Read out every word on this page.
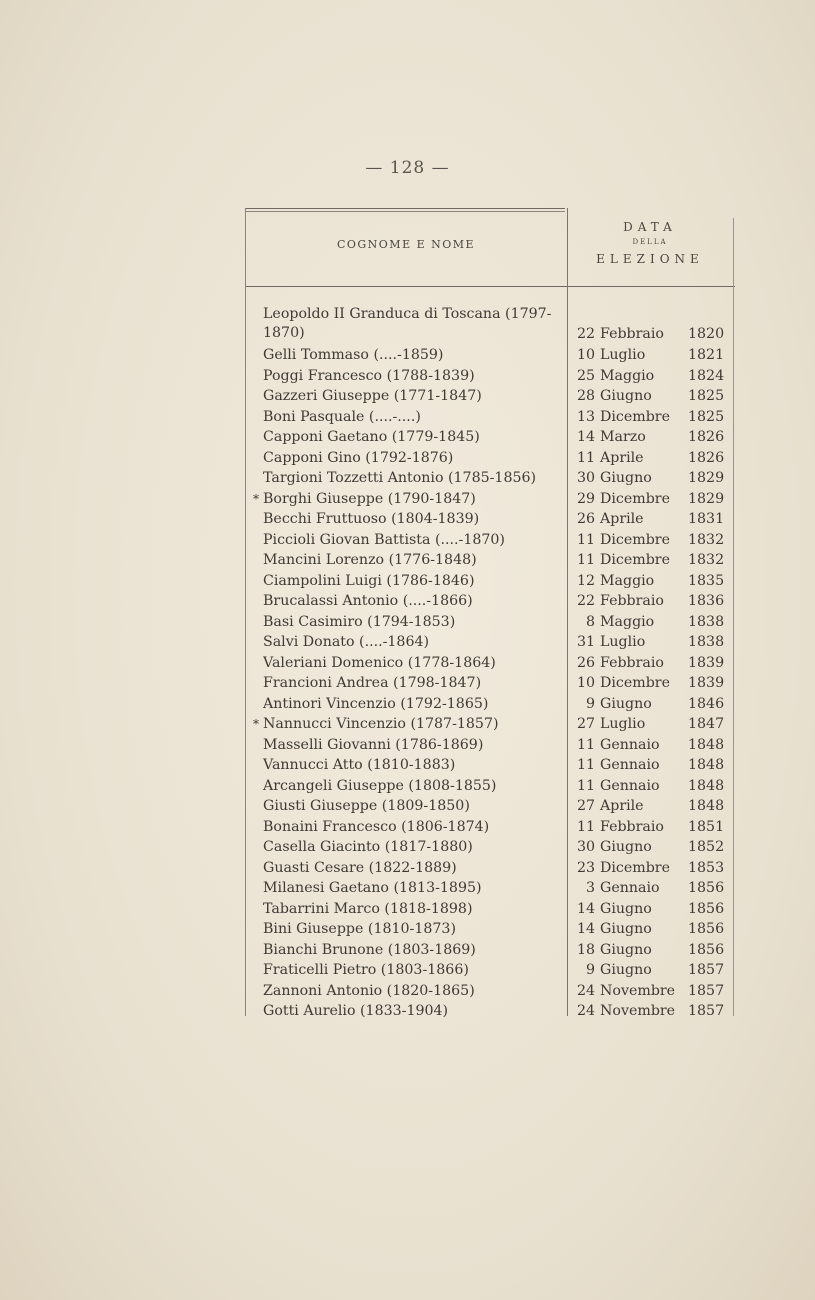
— 128 —
COGNOME E NOME
DATA
DELLA
ELEZIONE
Leopoldo II Granduca di Toscana (1797-1870)	22 Febbraio 1820
Gelli Tommaso (....-1859)	10 Luglio	1821
Poggi Francesco (1788-1839)	25 Maggio 1824
Gazzeri Giuseppe (1771-1847)	28 Giugno	1825
Boni Pasquale (....-....)	13 Dicembre 1825
Capponi Gaetano (1779-1845)	14 Marzo	1826
Capponi Gino (1792-1876)	11 Aprile	1826
Targioni Tozzetti Antonio (1785-1856)	30 Giugno	1829
* Borghi Giuseppe (1790-1847)	29 Dicembre 1829
Becchi Fruttuoso (1804-1839)	26 Aprile	1831
Piccioli Giovan Battista (....-1870)	11 Dicembre 1832
Mancini Lorenzo (1776-1848)	11 Dicembre 1832
Ciampolini Luigi (1786-1846)	12 Maggio 1835
Brucalassi Antonio (....-1866)	22 Febbraio 1836
Basi Casimiro (1794-1853)	8 Maggio 1838
Salvi Donato (....-1864)	31 Luglio	1838
Valeriani Domenico (1778-1864)	26 Febbraio 1839
Francioni Andrea (1798-1847)	10 Dicembre 1839
Antinori Vincenzio (1792-1865)	9 Giugno	1846
* Nannucci Vincenzio (1787-1857)	27 Luglio	1847
Masselli Giovanni (1786-1869)	11 Gennaio 1848
Vannucci Atto (1810-1883)	11 Gennaio 1848
Arcangeli Giuseppe (1808-1855)	11 Gennaio 1848
Giusti Giuseppe (1809-1850)	27 Aprile	1848
Bonaini Francesco (1806-1874)	11 Febbraio 1851
Casella Giacinto (1817-1880)	30 Giugno	1852
Guasti Cesare (1822-1889)	23 Dicembre 1853
Milanesi Gaetano (1813-1895)	3 Gennaio 1856
Tabarrini Marco (1818-1898)	14 Giugno	1856
Bini Giuseppe (1810-1873)	14 Giugno	1856
Bianchi Brunone (1803-1869)	18 Giugno	1856
Fraticelli Pietro (1803-1866)	9 Giugno	1857
Zannoni Antonio (1820-1865)	24 Novembre 1857
Gotti Aurelio (1833-1904)	24 Novembre 1857
